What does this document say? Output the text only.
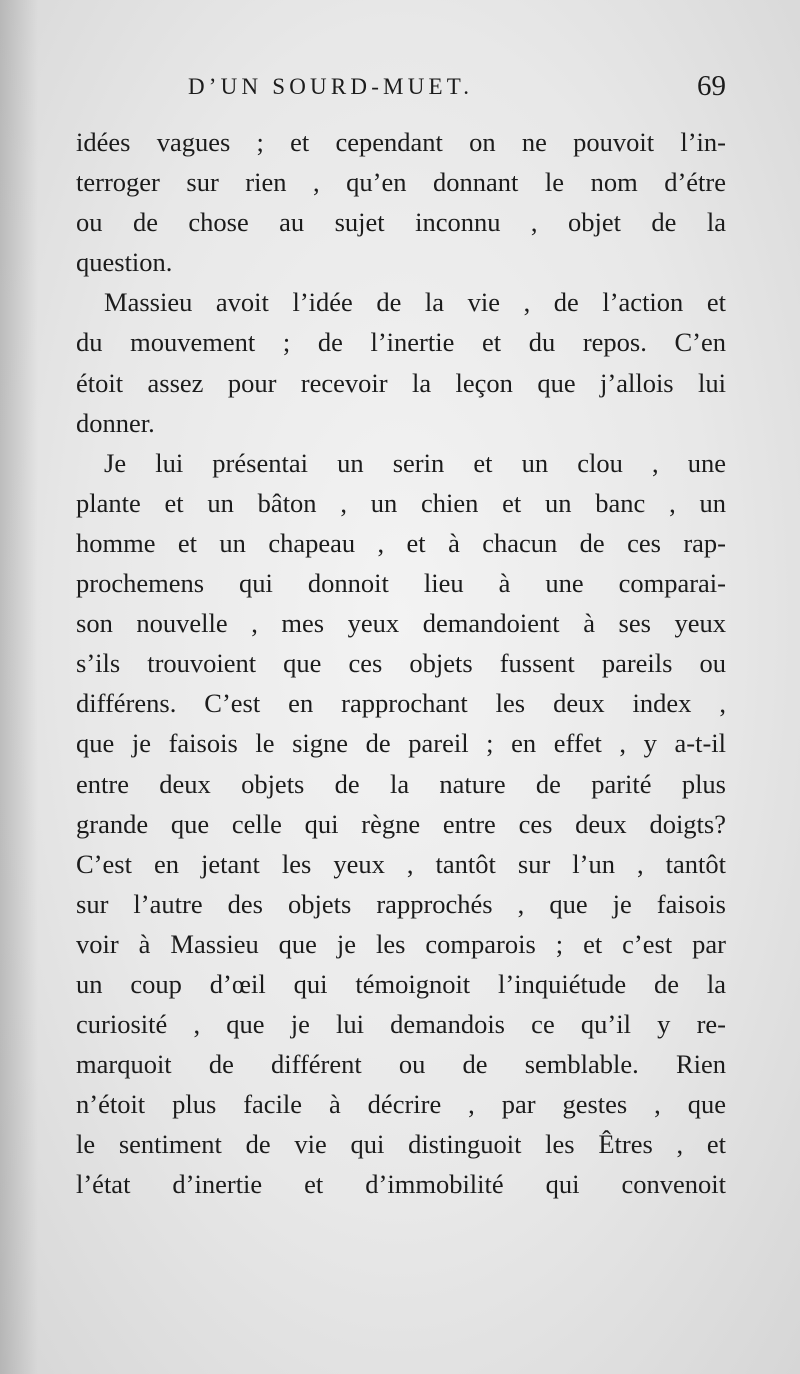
D’UN SOURD-MUET.	69
idées vagues ; et cependant on ne pouvoit l’in-
terroger sur rien , qu’en donnant le nom d’étre
ou de chose au sujet inconnu , objet de la
question.
Massieu avoit l’idée de la vie , de l’action et
du mouvement ; de l’inertie et du repos. C’en
étoit assez pour recevoir la leçon que j’allois lui
donner.
Je lui présentai un serin et un clou , une
plante et un bâton , un chien et un banc , un
homme et un chapeau , et à chacun de ces rap-
prochemens qui donnoit lieu à une comparai-
son nouvelle , mes yeux demandoient à ses yeux
s’ils trouvoient que ces objets fussent pareils ou
différens. C’est en rapprochant les deux index ,
que je faisois le signe de pareil ; en effet , y a-t-il
entre deux objets de la nature de parité plus
grande que celle qui règne entre ces deux doigts?
C’est en jetant les yeux , tantôt sur l’un , tantôt
sur l’autre des objets rapprochés , que je faisois
voir à Massieu que je les comparois ; et c’est par
un coup d’œil qui témoignoit l’inquiétude de la
curiosité , que je lui demandois ce qu’il y re-
marquoit de différent ou de semblable. Rien
n’étoit plus facile à décrire , par gestes , que
le sentiment de vie qui distinguoit les Êtres , et
l’état d’inertie et d’immobilité qui convenoit
